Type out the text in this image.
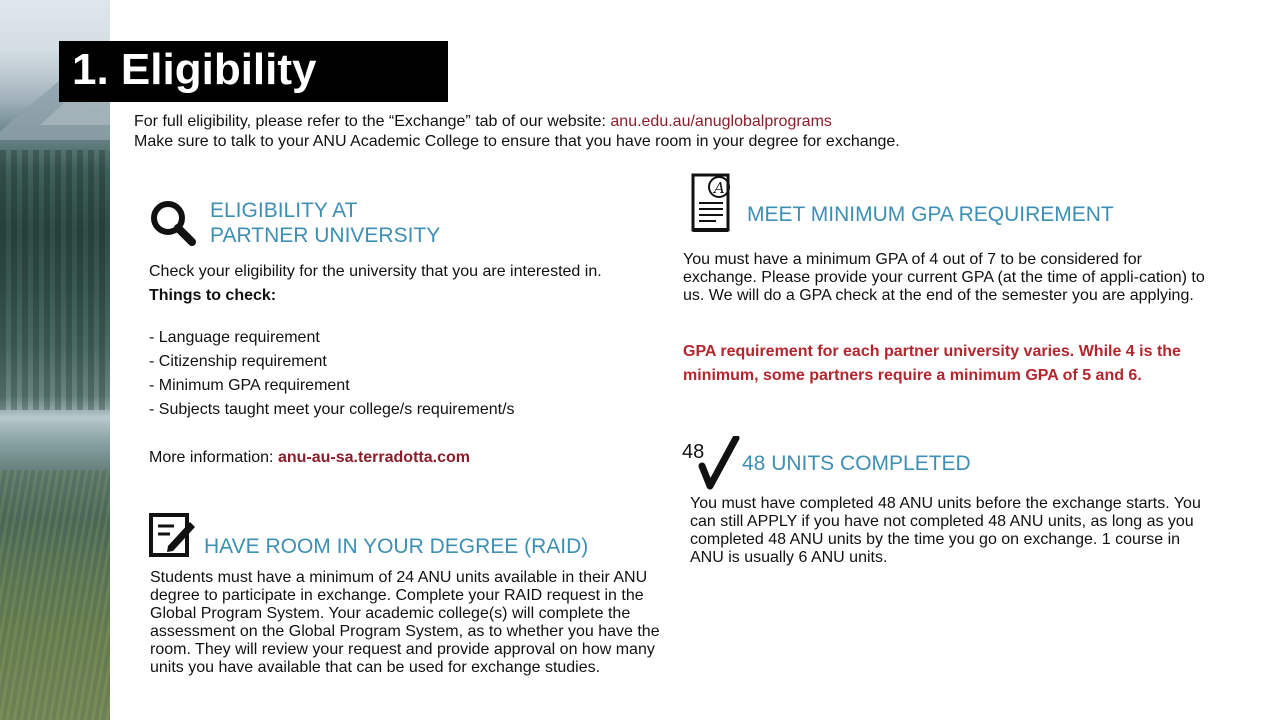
1. Eligibility

For full eligibility, please refer to the “Exchange” tab of our website: anu.edu.au/anuglobalprograms

Make sure to talk to your ANU Academic College to ensure that you have room in your degree for exchange.

ELIGIBILITY AT
PARTNER UNIVERSITY

Check your eligibility for the university that you are interested in. Things to check:

- Language requirement
- Citizenship requirement
- Minimum GPA requirement
- Subjects taught meet your college/s requirement/s

More information: anu-au-sa.terradotta.com

HAVE ROOM IN YOUR DEGREE (RAID)

Students must have a minimum of 24 ANU units available in their ANU degree to participate in exchange. Complete your RAID request in the Global Program System. Your academic college(s) will complete the assessment on the Global Program System, as to whether you have the room. They will review your request and provide approval on how many units you have available that can be used for exchange studies.

A
MEET MINIMUM GPA REQUIREMENT

You must have a minimum GPA of 4 out of 7 to be considered for exchange. Please provide your current GPA (at the time of appli-cation) to us. We will do a GPA check at the end of the semester you are applying.

GPA requirement for each partner university varies. While 4 is the minimum, some partners require a minimum GPA of 5 and 6.

48 48 UNITS COMPLETED

You must have completed 48 ANU units before the exchange starts. You can still APPLY if you have not completed 48 ANU units, as long as you completed 48 ANU units by the time you go on exchange. 1 course in ANU is usually 6 ANU units.
